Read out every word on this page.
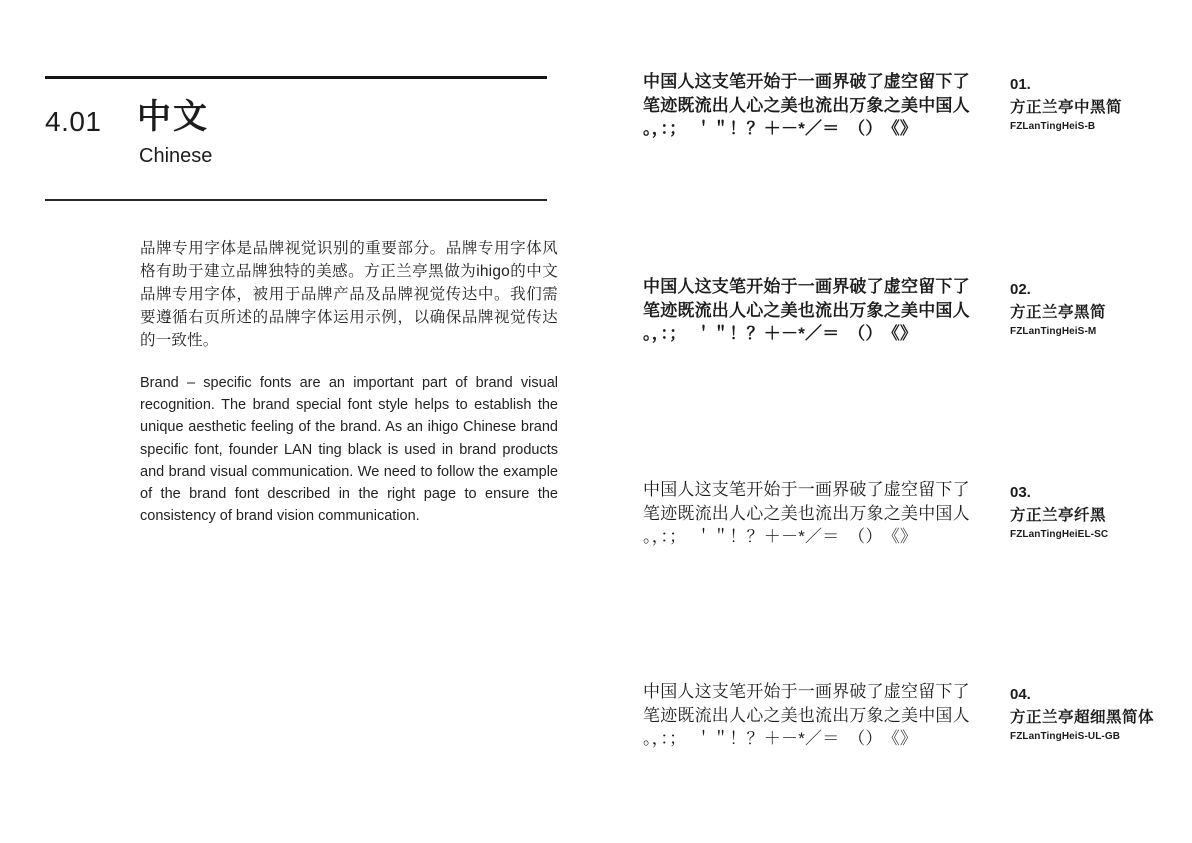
4.01 中文
Chinese
品牌专用字体是品牌视觉识别的重要部分。品牌专用字体风格有助于建立品牌独特的美感。方正兰亭黑做为ihigo的中文品牌专用字体，被用于品牌产品及品牌视觉传达中。我们需要遵循右页所述的品牌字体运用示例，以确保品牌视觉传达的一致性。
Brand – specific fonts are an important part of brand visual recognition. The brand special font style helps to establish the unique aesthetic feeling of the brand. As an ihigo Chinese brand specific font, founder LAN ting black is used in brand products and brand visual communication. We need to follow the example of the brand font described in the right page to ensure the consistency of brand vision communication.
中国人这支笔开始于一画界破了虚空留下了
笔迹既流出人心之美也流出万象之美中国人
。，：；　＇＂！？＋－*／＝　（）　《》
01.
方正兰亭中黑简
FZLanTingHeiS-B
中国人这支笔开始于一画界破了虚空留下了
笔迹既流出人心之美也流出万象之美中国人
。，：；　＇＂！？＋－*／＝　（）　《》
02.
方正兰亭黑简
FZLanTingHeiS-M
中国人这支笔开始于一画界破了虚空留下了
笔迹既流出人心之美也流出万象之美中国人
。，：；　＇＂！？＋－*／＝　（）　《》
03.
方正兰亭纤黑
FZLanTingHeiEL-SC
中国人这支笔开始于一画界破了虚空留下了
笔迹既流出人心之美也流出万象之美中国人
。，：；　＇＂！？＋－*／＝　（）　《》
04.
方正兰亭超细黑简体
FZLanTingHeiS-UL-GB
